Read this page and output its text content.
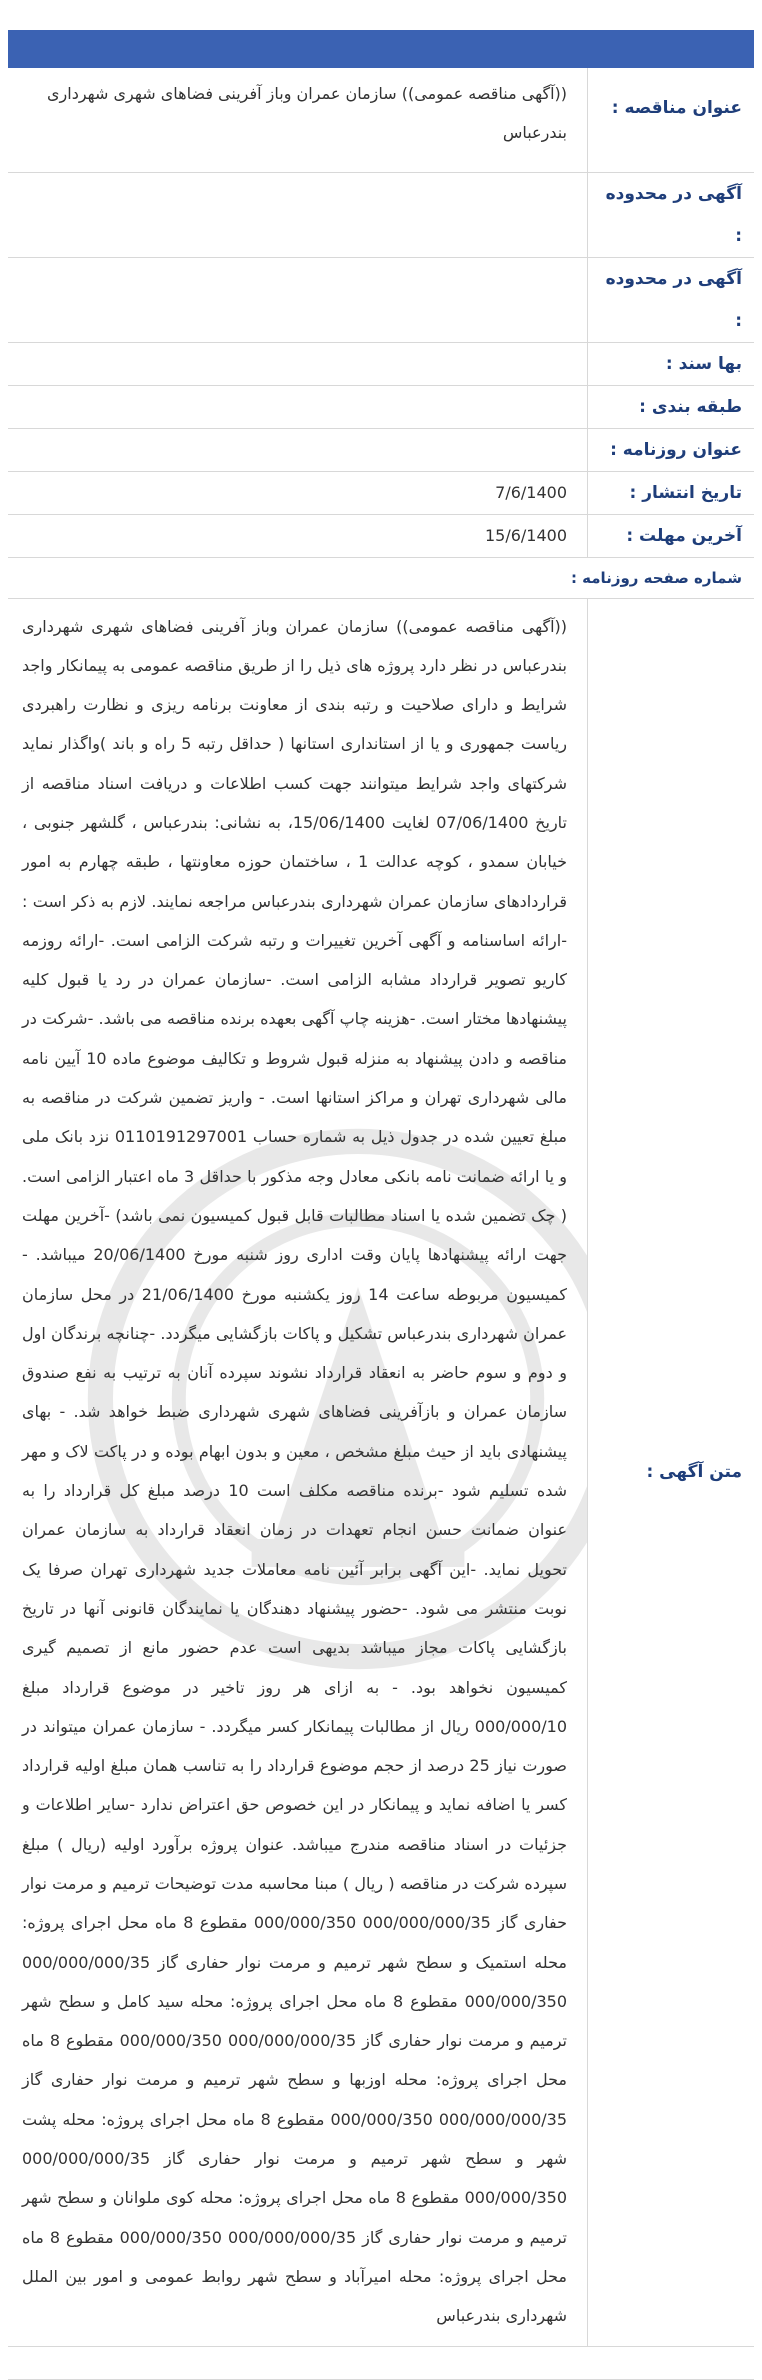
عنوان مناقصه :	((آگهی مناقصه عمومی)) سازمان عمران وباز آفرینی فضاهای شهری شهرداری بندرعباس
آگهی در محدوده :	
آگهی در محدوده :	
بها سند :	
طبقه بندی :	
عنوان روزنامه :	
تاریخ انتشار :	7/6/1400
آخرین مهلت :	15/6/1400
شماره صفحه روزنامه :	
متن آگهی :	((آگهی مناقصه عمومی)) سازمان عمران وباز آفرینی فضاهای شهری شهرداری بندرعباس در نظر دارد پروژه های ذیل را از طریق مناقصه عمومی به پیمانکار واجد شرایط و دارای صلاحیت و رتبه بندی از معاونت برنامه ریزی و نظارت راهبردی ریاست جمهوری و یا از استانداری استانها ( حداقل رتبه 5 راه و باند )واگذار نماید شرکتهای واجد شرایط میتوانند جهت کسب اطلاعات و دریافت اسناد مناقصه از تاریخ 07/06/1400 لغایت 15/06/1400، به نشانی: بندرعباس ، گلشهر جنوبی ، خیابان سمدو ، کوچه عدالت 1 ، ساختمان حوزه معاونتها ، طبقه چهارم به امور قراردادهای سازمان عمران شهرداری بندرعباس مراجعه نمایند. لازم به ذکر است : -ارائه اساسنامه و آگهی آخرین تغییرات و رتبه شرکت الزامی است. -ارائه روزمه کاریو تصویر قرارداد مشابه الزامی است. -سازمان عمران در رد یا قبول کلیه پیشنهادها مختار است. -هزینه چاپ آگهی بعهده برنده مناقصه می باشد. -شرکت در مناقصه و دادن پیشنهاد به منزله قبول شروط و تکالیف موضوع ماده 10 آیین نامه مالی شهرداری تهران و مراکز استانها است. - واریز تضمین شرکت در مناقصه به مبلغ تعیین شده در جدول ذیل به شماره حساب 0110191297001 نزد بانک ملی و یا ارائه ضمانت نامه بانکی معادل وجه مذکور با حداقل 3 ماه اعتبار الزامی است.( چک تضمین شده یا اسناد مطالبات قابل قبول کمیسیون نمی باشد) -آخرین مهلت جهت ارائه پیشنهادها پایان وقت اداری روز شنبه مورخ 20/06/1400 میباشد. - کمیسیون مربوطه ساعت 14 روز یکشنبه مورخ 21/06/1400 در محل سازمان عمران شهرداری بندرعباس تشکیل و پاکات بازگشایی میگردد. -چنانچه برندگان اول و دوم و سوم حاضر به انعقاد قرارداد نشوند سپرده آنان به ترتیب به نفع صندوق سازمان عمران و بازآفرینی فضاهای شهری شهرداری ضبط خواهد شد. - بهای پیشنهادی باید از حیث مبلغ مشخص ، معین و بدون ابهام بوده و در پاکت لاک و مهر شده تسلیم شود -برنده مناقصه مکلف است 10 درصد مبلغ کل قرارداد را به عنوان ضمانت حسن انجام تعهدات در زمان انعقاد قرارداد به سازمان عمران تحویل نماید. -این آگهی برابر آئین نامه معاملات جدید شهرداری تهران صرفا یک نوبت منتشر می شود. -حضور پیشنهاد دهندگان یا نمایندگان قانونی آنها در تاریخ بازگشایی پاکات مجاز میباشد بدیهی است عدم حضور مانع از تصمیم گیری کمیسیون نخواهد بود. - به ازای هر روز تاخیر در موضوع قرارداد مبلغ 000/000/10 ریال از مطالبات پیمانکار کسر میگردد. - سازمان عمران میتواند در صورت نیاز 25 درصد از حجم موضوع قرارداد را به تناسب همان مبلغ اولیه قرارداد کسر یا اضافه نماید و پیمانکار در این خصوص حق اعتراض ندارد -سایر اطلاعات و جزئیات در اسناد مناقصه مندرج میباشد. عنوان پروژه برآورد اولیه (ریال ) مبلغ سپرده شرکت در مناقصه ( ریال ) مبنا محاسبه مدت توضیحات ترمیم و مرمت نوار حفاری گاز 000/000/000/35 000/000/350 مقطوع 8 ماه محل اجرای پروژه: محله استمیک و سطح شهر ترمیم و مرمت نوار حفاری گاز 000/000/000/35 000/000/350 مقطوع 8 ماه محل اجرای پروژه: محله سید کامل و سطح شهر ترمیم و مرمت نوار حفاری گاز 000/000/000/35 000/000/350 مقطوع 8 ماه محل اجرای پروژه: محله اوزبها و سطح شهر ترمیم و مرمت نوار حفاری گاز 000/000/000/35 000/000/350 مقطوع 8 ماه محل اجرای پروژه: محله پشت شهر و سطح شهر ترمیم و مرمت نوار حفاری گاز 000/000/000/35 000/000/350 مقطوع 8 ماه محل اجرای پروژه: محله کوی ملوانان و سطح شهر ترمیم و مرمت نوار حفاری گاز 000/000/000/35 000/000/350 مقطوع 8 ماه محل اجرای پروژه: محله امیرآباد و سطح شهر روابط عمومی و امور بین الملل شهرداری بندرعباس
